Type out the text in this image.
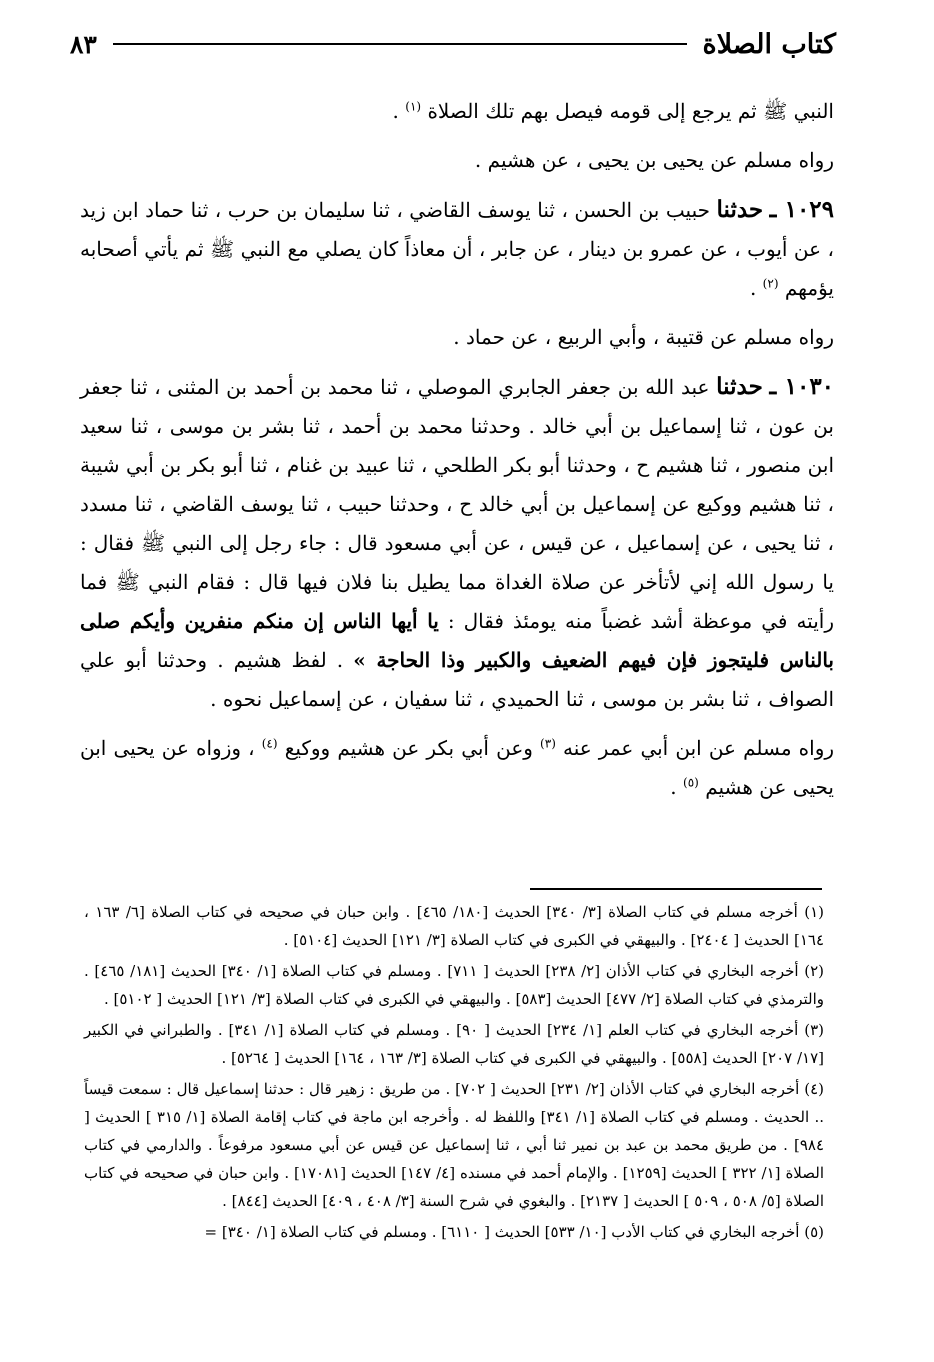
كتاب الصلاة
٨٣

النبي ﷺ ثم يرجع إلى قومه فيصل بهم تلك الصلاة $^{(١)}$ .

رواه مسلم عن يحيى بن يحيى ، عن هشيم .

١٠٢٩ ـ حدثنا حبيب بن الحسن ، ثنا يوسف القاضي ، ثنا سليمان بن حرب ، ثنا حماد ابن زيد ، عن أيوب ، عن عمرو بن دينار ، عن جابر ، أن معاذاً كان يصلي مع النبي ﷺ ثم يأتي أصحابه يؤمهم $^{(٢)}$ .

رواه مسلم عن قتيبة ، وأبي الربيع ، عن حماد .

١٠٣٠ ـ حدثنا عبد الله بن جعفر الجابري الموصلي ، ثنا محمد بن أحمد بن المثنى ، ثنا جعفر بن عون ، ثنا إسماعيل بن أبي خالد . وحدثنا محمد بن أحمد ، ثنا بشر بن موسى ، ثنا سعيد ابن منصور ، ثنا هشيم ح ، وحدثنا أبو بكر الطلحي ، ثنا عبيد بن غنام ، ثنا أبو بكر بن أبي شيبة ، ثنا هشيم ووكيع عن إسماعيل بن أبي خالد ح ، وحدثنا حبيب ، ثنا يوسف القاضي ، ثنا مسدد ، ثنا يحيى ، عن إسماعيل ، عن قيس ، عن أبي مسعود قال : جاء رجل إلى النبي ﷺ فقال : يا رسول الله إني لأتأخر عن صلاة الغداة مما يطيل بنا فلان فيها قال : فقام النبي ﷺ فما رأيته في موعظة أشد غضباً منه يومئذ فقال : يا أيها الناس إن منكم منفرين وأيكم صلى بالناس فليتجوز فإن فيهم الضعيف والكبير وذا الحاجة » . لفظ هشيم . وحدثنا أبو علي الصواف ، ثنا بشر بن موسى ، ثنا الحميدي ، ثنا سفيان ، عن إسماعيل نحوه .

رواه مسلم عن ابن أبي عمر عنه $^{(٣)}$ وعن أبي بكر عن هشيم ووكيع $^{(٤)}$ ، وزواه عن يحيى ابن يحيى عن هشيم $^{(٥)}$ .

(١) أخرجه مسلم في كتاب الصلاة [٣/ ٣٤٠] الحديث [١٨٠/ ٤٦٥] . وابن حبان في صحيحه في كتاب الصلاة [٦/ ١٦٣ ، ١٦٤] الحديث [ ٢٤٠٤] . والبيهقي في الكبرى في كتاب الصلاة [٣/ ١٢١] الحديث [٥١٠٤] .

(٢) أخرجه البخاري في كتاب الأذان [٢/ ٢٣٨] الحديث [ ٧١١] . ومسلم في كتاب الصلاة [١/ ٣٤٠] الحديث [١٨١/ ٤٦٥] . والترمذي في كتاب الصلاة [٢/ ٤٧٧] الحديث [٥٨٣] . والبيهقي في الكبرى في كتاب الصلاة [٣/ ١٢١] الحديث [ ٥١٠٢] .

(٣) أخرجه البخاري في كتاب العلم [١/ ٢٣٤] الحديث [ ٩٠] . ومسلم في كتاب الصلاة [١/ ٣٤١] . والطبراني في الكبير [١٧/ ٢٠٧] الحديث [٥٥٨] . والبيهقي في الكبرى في كتاب الصلاة [٣/ ١٦٣ ، ١٦٤] الحديث [ ٥٢٦٤] .

(٤) أخرجه البخاري في كتاب الأذان [٢/ ٢٣١] الحديث [ ٧٠٢] . من طريق : زهير قال : حدثنا إسماعيل قال : سمعت قيساً .. الحديث . ومسلم في كتاب الصلاة [١/ ٣٤١] واللفظ له . وأخرجه ابن ماجة في كتاب إقامة الصلاة [١/ ٣١٥ ] الحديث [ ٩٨٤] . من طريق محمد بن عبد بن نمير ثنا أبي ، ثنا إسماعيل عن قيس عن أبي مسعود مرفوعاً . والدارمي في كتاب الصلاة [١/ ٣٢٢ ] الحديث [١٢٥٩] . والإمام أحمد في مسنده [٤/ ١٤٧] الحديث [١٧٠٨١] . وابن حبان في صحيحه في كتاب الصلاة [٥/ ٥٠٨ ، ٥٠٩ ] الحديث [ ٢١٣٧] . والبغوي في شرح السنة [٣/ ٤٠٨ ، ٤٠٩] الحديث [٨٤٤] .

(٥) أخرجه البخاري في كتاب الأدب [١٠/ ٥٣٣] الحديث [ ٦١١٠] . ومسلم في كتاب الصلاة [١/ ٣٤٠] =
